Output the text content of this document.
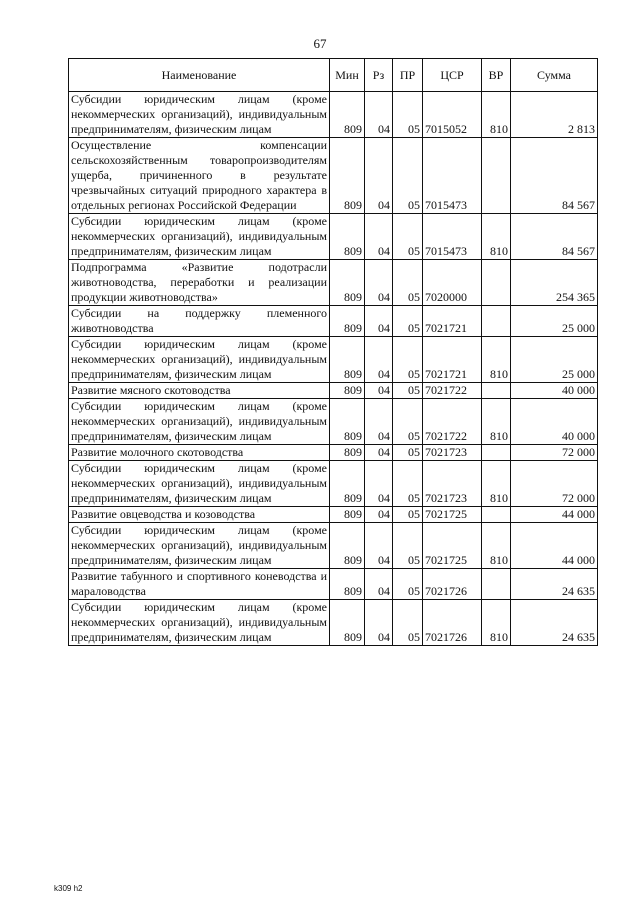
67
Наименование	Мин	Рз	ПР	ЦСР	ВР	Сумма
Субсидии юридическим лицам (кроме некоммерческих организаций), индивидуальным предпринимателям, физическим лицам	809	04	05	7015052	810	2 813
Осуществление компенсации сельскохозяйственным товаропроизводителям ущерба, причиненного в результате чрезвычайных ситуаций природного характера в отдельных регионах Российской Федерации	809	04	05	7015473		84 567
Субсидии юридическим лицам (кроме некоммерческих организаций), индивидуальным предпринимателям, физическим лицам	809	04	05	7015473	810	84 567
Подпрограмма «Развитие подотрасли животноводства, переработки и реализации продукции животноводства»	809	04	05	7020000		254 365
Субсидии на поддержку племенного животноводства	809	04	05	7021721		25 000
Субсидии юридическим лицам (кроме некоммерческих организаций), индивидуальным предпринимателям, физическим лицам	809	04	05	7021721	810	25 000
Развитие мясного скотоводства	809	04	05	7021722		40 000
Субсидии юридическим лицам (кроме некоммерческих организаций), индивидуальным предпринимателям, физическим лицам	809	04	05	7021722	810	40 000
Развитие молочного скотоводства	809	04	05	7021723		72 000
Субсидии юридическим лицам (кроме некоммерческих организаций), индивидуальным предпринимателям, физическим лицам	809	04	05	7021723	810	72 000
Развитие овцеводства и козоводства	809	04	05	7021725		44 000
Субсидии юридическим лицам (кроме некоммерческих организаций), индивидуальным предпринимателям, физическим лицам	809	04	05	7021725	810	44 000
Развитие табунного и спортивного коневодства и мараловодства	809	04	05	7021726		24 635
Субсидии юридическим лицам (кроме некоммерческих организаций), индивидуальным предпринимателям, физическим лицам	809	04	05	7021726	810	24 635
k309 h2
